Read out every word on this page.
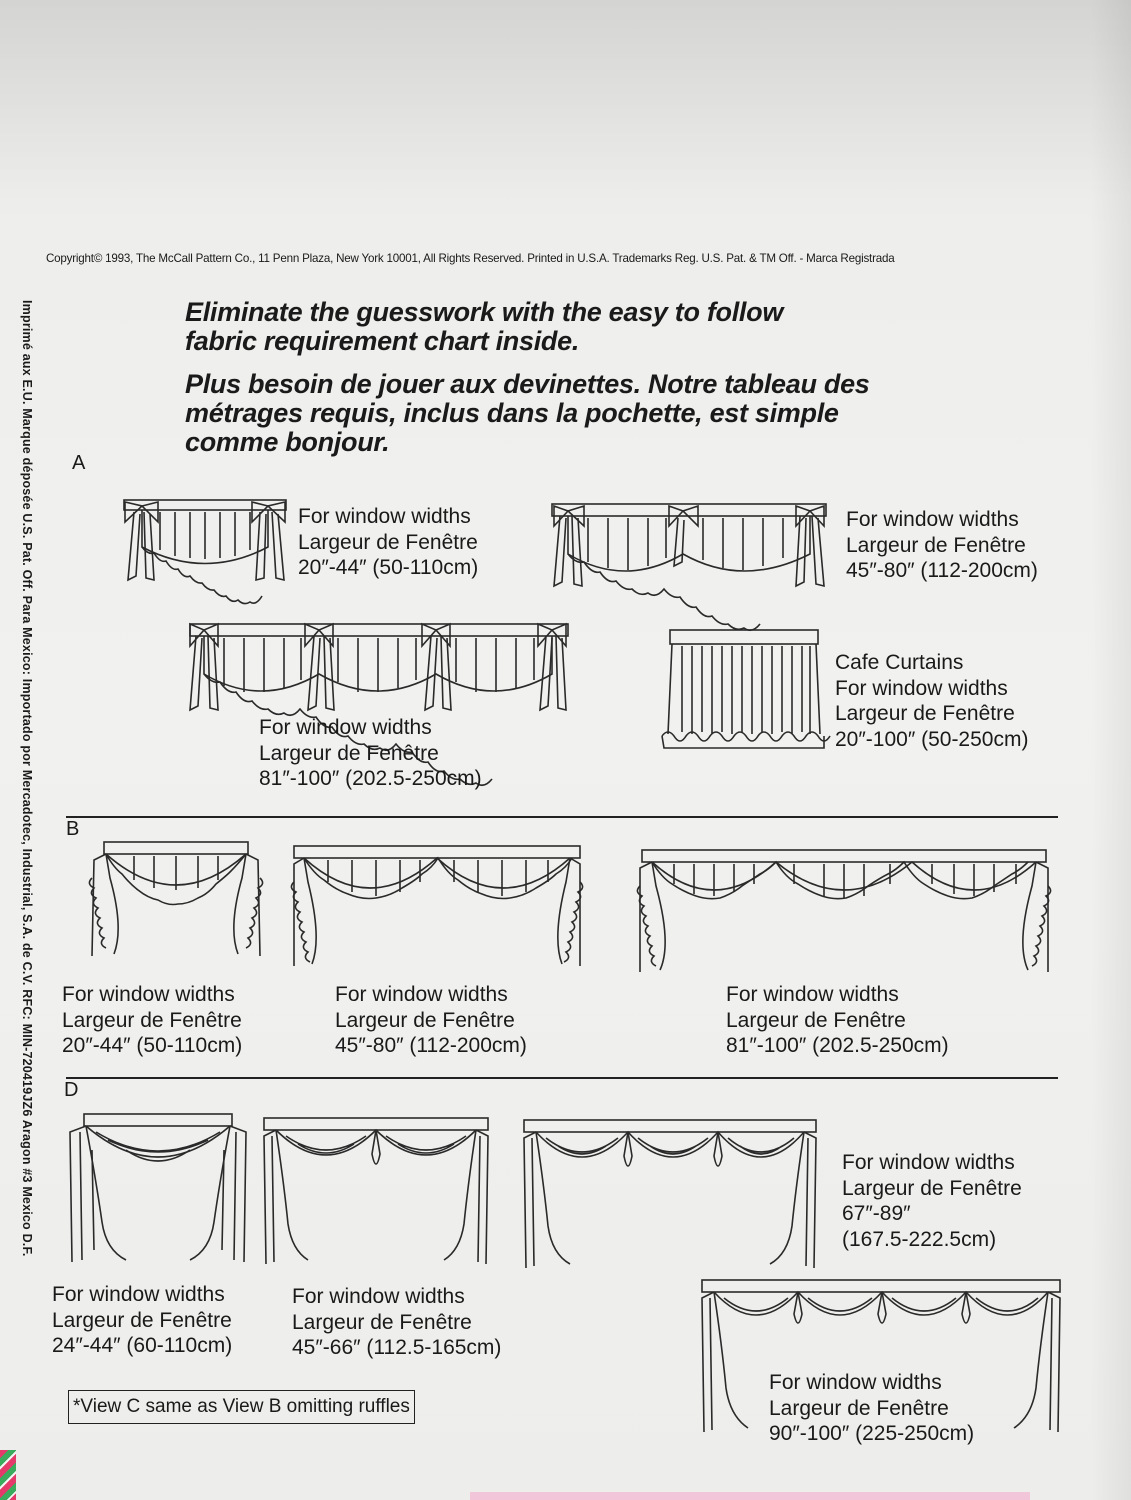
Imprimé aux E.U. Marque déposée U.S. Pat. Off. Para Mexico: Importado por Mercadotec, Industrial, S.A. de C.V. RFC: MIN-720419JZ6 Aragon #3 Mexico D.F.
Copyright© 1993, The McCall Pattern Co., 11 Penn Plaza, New York 10001, All Rights Reserved. Printed in U.S.A. Trademarks Reg. U.S. Pat. & TM Off. - Marca Registrada
Eliminate the guesswork with the easy to follow
fabric requirement chart inside.
Plus besoin de jouer aux devinettes. Notre tableau des
métrages requis, inclus dans la pochette, est simple
comme bonjour.
A
For window widths
Largeur de Fenêtre
20″-44″ (50-110cm)
For window widths
Largeur de Fenêtre
45″-80″ (112-200cm)
For window widths
Largeur de Fenêtre
81″-100″ (202.5-250cm)
Cafe Curtains
For window widths
Largeur de Fenêtre
20″-100″ (50-250cm)
B
For window widths
Largeur de Fenêtre
20″-44″ (50-110cm)
For window widths
Largeur de Fenêtre
45″-80″ (112-200cm)
For window widths
Largeur de Fenêtre
81″-100″ (202.5-250cm)
D
For window widths
Largeur de Fenêtre
24″-44″ (60-110cm)
For window widths
Largeur de Fenêtre
45″-66″ (112.5-165cm)
For window widths
Largeur de Fenêtre
67″-89″
(167.5-222.5cm)
For window widths
Largeur de Fenêtre
90″-100″ (225-250cm)
*View C same as View B omitting ruffles
